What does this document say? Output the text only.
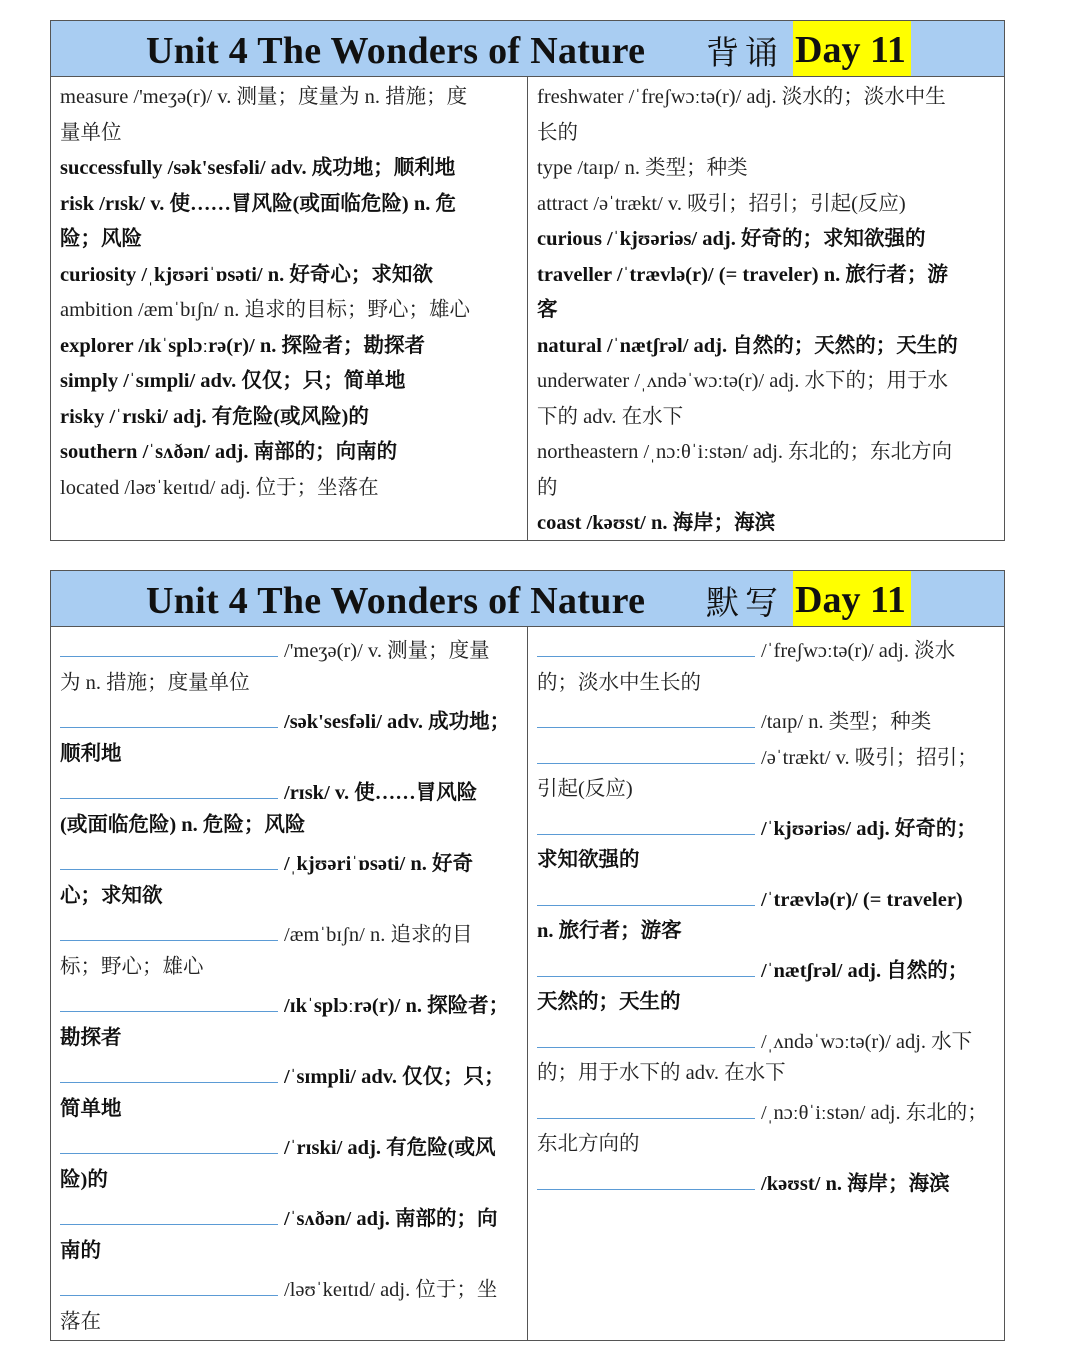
Unit 4 The Wonders of Nature 背诵 Day 11
measure /'meʒə(r)/ v. 测量；度量为 n. 措施；度
量单位
successfully /sək'sesfəli/ adv. 成功地；顺利地
risk /rɪsk/ v. 使……冒风险(或面临危险) n. 危
险；风险
curiosity /ˌkjʊəriˈɒsəti/ n. 好奇心；求知欲
ambition /æmˈbɪʃn/ n. 追求的目标；野心；雄心
explorer /ɪkˈsplɔːrə(r)/ n. 探险者；勘探者
simply /ˈsɪmpli/ adv. 仅仅；只；简单地
risky /ˈrɪski/ adj. 有危险(或风险)的
southern /ˈsʌðən/ adj. 南部的；向南的
located /ləʊˈkeɪtɪd/ adj. 位于；坐落在
freshwater /ˈfreʃwɔːtə(r)/ adj. 淡水的；淡水中生
长的
type /taɪp/ n. 类型；种类
attract /əˈtrækt/ v. 吸引；招引；引起(反应)
curious /ˈkjʊəriəs/ adj. 好奇的；求知欲强的
traveller /ˈtrævlə(r)/ (= traveler) n. 旅行者；游
客
natural /ˈnætʃrəl/ adj. 自然的；天然的；天生的
underwater /ˌʌndəˈwɔːtə(r)/ adj. 水下的；用于水
下的 adv. 在水下
northeastern /ˌnɔːθˈiːstən/ adj. 东北的；东北方向
的
coast /kəʊst/ n. 海岸；海滨
Unit 4 The Wonders of Nature 默写 Day 11
/'meʒə(r)/ v. 测量；度量
为 n. 措施；度量单位
/sək'sesfəli/ adv. 成功地；
顺利地
/rɪsk/ v. 使……冒风险
(或面临危险) n. 危险；风险
/ˌkjʊəriˈɒsəti/ n. 好奇
心；求知欲
/æmˈbɪʃn/ n. 追求的目
标；野心；雄心
/ɪkˈsplɔːrə(r)/ n. 探险者；
勘探者
/ˈsɪmpli/ adv. 仅仅；只；
简单地
/ˈrɪski/ adj. 有危险(或风
险)的
/ˈsʌðən/ adj. 南部的；向
南的
/ləʊˈkeɪtɪd/ adj. 位于；坐
落在
/ˈfreʃwɔːtə(r)/ adj. 淡水
的；淡水中生长的
/taɪp/ n. 类型；种类
/əˈtrækt/ v. 吸引；招引；
引起(反应)
/ˈkjʊəriəs/ adj. 好奇的；
求知欲强的
/ˈtrævlə(r)/ (= traveler)
n. 旅行者；游客
/ˈnætʃrəl/ adj. 自然的；
天然的；天生的
/ˌʌndəˈwɔːtə(r)/ adj. 水下
的；用于水下的 adv. 在水下
/ˌnɔːθˈiːstən/ adj. 东北的；
东北方向的
/kəʊst/ n. 海岸；海滨
